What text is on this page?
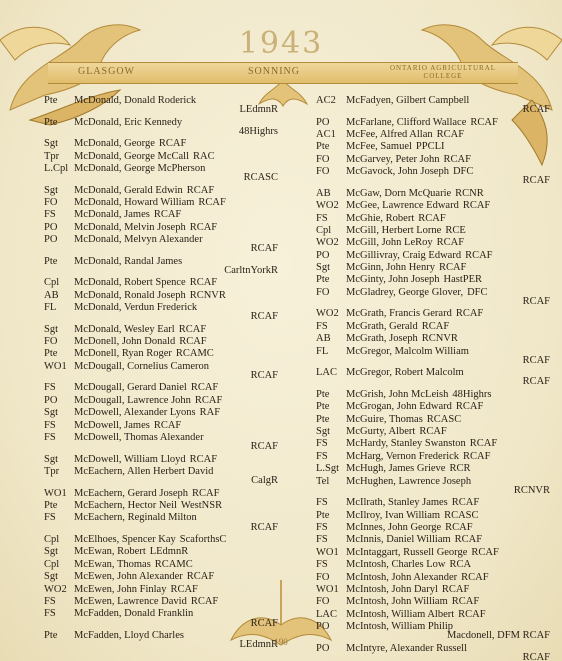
1943
GLASGOW	SONNING	ONTARIO AGRICULTURAL COLLEGE
Pte McDonald, Donald Roderick
LEdmnR
Pte McDonald, Eric Kennedy
48Highrs
Sgt McDonald, George RCAF
Tpr McDonald, George McCall RAC
L.Cpl McDonald, George McPherson
RCASC
Sgt McDonald, Gerald Edwin RCAF
FO McDonald, Howard William RCAF
FS McDonald, James RCAF
PO McDonald, Melvin Joseph RCAF
PO McDonald, Melvyn Alexander
RCAF
Pte McDonald, Randal James
CarltnYorkR
Cpl McDonald, Robert Spence RCAF
AB McDonald, Ronald Joseph RCNVR
FL McDonald, Verdun Frederick
RCAF
Sgt McDonald, Wesley Earl RCAF
FO McDonell, John Donald RCAF
Pte McDonell, Ryan Roger RCAMC
WO1 McDougall, Cornelius Cameron
RCAF
FS McDougall, Gerard Daniel RCAF
PO McDougall, Lawrence John RCAF
Sgt McDowell, Alexander Lyons RAF
FS McDowell, James RCAF
FS McDowell, Thomas Alexander
RCAF
Sgt McDowell, William Lloyd RCAF
Tpr McEachern, Allen Herbert David
CalgR
WO1 McEachern, Gerard Joseph RCAF
Pte McEachern, Hector Neil WestNSR
FS McEachern, Reginald Milton
RCAF
Cpl McElhoes, Spencer Kay ScaforthsC
Sgt McEwan, Robert LEdmnR
Cpl McEwan, Thomas RCAMC
Sgt McEwen, John Alexander RCAF
WO2 McEwen, John Finlay RCAF
FS McEwen, Lawrence David RCAF
FS McFadden, Donald Franklin
RCAF
Pte McFadden, Lloyd Charles
LEdmnR
AC2 McFadyen, Gilbert Campbell
RCAF
PO McFarlane, Clifford Wallace RCAF
AC1 McFee, Alfred Allan RCAF
Pte McFee, Samuel PPCLI
FO McGarvey, Peter John RCAF
FO McGavock, John Joseph DFC
RCAF
AB McGaw, Dorn McQuarie RCNR
WO2 McGee, Lawrence Edward RCAF
FS McGhie, Robert RCAF
Cpl McGill, Herbert Lorne RCE
WO2 McGill, John LeRoy RCAF
PO McGillivray, Craig Edward RCAF
Sgt McGinn, John Henry RCAF
Pte McGinty, John Joseph HastPER
FO McGladrey, George Glover, DFC
RCAF
WO2 McGrath, Francis Gerard RCAF
FS McGrath, Gerald RCAF
AB McGrath, Joseph RCNVR
FL McGregor, Malcolm William
RCAF
LAC McGregor, Robert Malcolm
RCAF
Pte McGrish, John McLeish 48Highrs
Pte McGrogan, John Edward RCAF
Pte McGuire, Thomas RCASC
Sgt McGurty, Albert RCAF
FS McHardy, Stanley Swanston RCAF
FS McHarg, Vernon Frederick RCAF
L.Sgt McHugh, James Grieve RCR
Tel McHughen, Lawrence Joseph
RCNVR
FS McIlrath, Stanley James RCAF
Pte McIlroy, Ivan William RCASC
FS McInnes, John George RCAF
FS McInnis, Daniel William RCAF
WO1 McIntaggart, Russell George RCAF
FS McIntosh, Charles Low RCA
FO McIntosh, John Alexander RCAF
WO1 McIntosh, John Daryl RCAF
FO McIntosh, John William RCAF
LAC McIntosh, William Albert RCAF
PO McIntosh, William Philip
Macdonell, DFM RCAF
PO McIntyre, Alexander Russell
RCAF
190
